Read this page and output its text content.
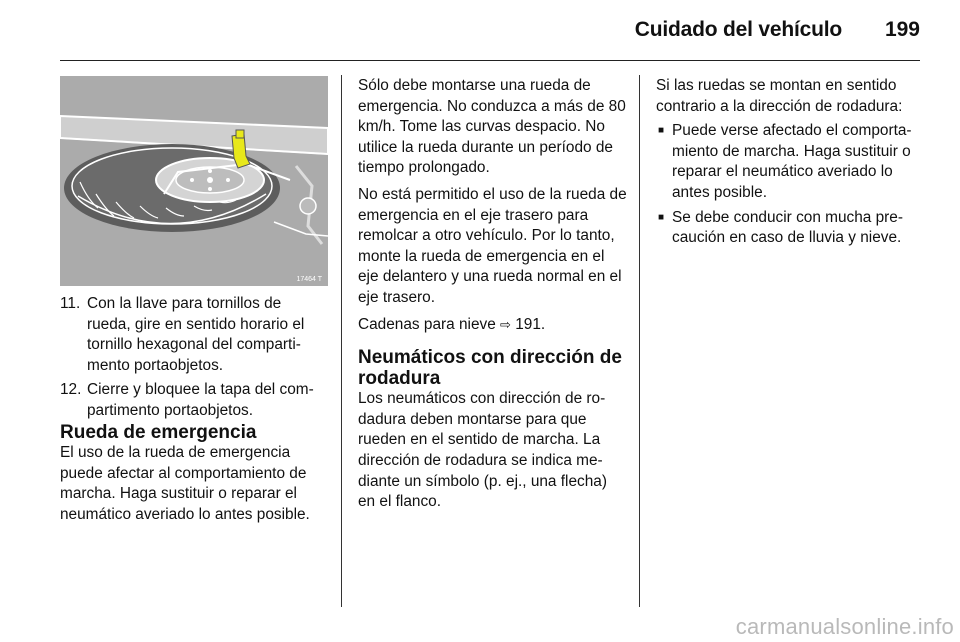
Cuidado del vehículo 199
17464 T
11. Con la llave para tornillos de rueda, gire en sentido horario el tornillo hexagonal del comparti-mento portaobjetos.
12. Cierre y bloquee la tapa del com-partimento portaobjetos.
Rueda de emergencia
El uso de la rueda de emergencia puede afectar al comportamiento de marcha. Haga sustituir o reparar el neumático averiado lo antes posible.

Sólo debe montarse una rueda de emergencia. No conduzca a más de 80 km/h. Tome las curvas despacio. No utilice la rueda durante un período de tiempo prolongado.

No está permitido el uso de la rueda de emergencia en el eje trasero para remolcar a otro vehículo. Por lo tanto, monte la rueda de emergencia en el eje delantero y una rueda normal en el eje trasero.

Cadenas para nieve ⇨ 191.

Neumáticos con dirección de rodadura

Los neumáticos con dirección de ro-dadura deben montarse para que rueden en el sentido de marcha. La dirección de rodadura se indica me-diante un símbolo (p. ej., una flecha) en el flanco.

Si las ruedas se montan en sentido contrario a la dirección de rodadura:

■ Puede verse afectado el comporta-miento de marcha. Haga sustituir o reparar el neumático averiado lo antes posible.
■ Se debe conducir con mucha pre-caución en caso de lluvia y nieve.
carmanualsonline.info
